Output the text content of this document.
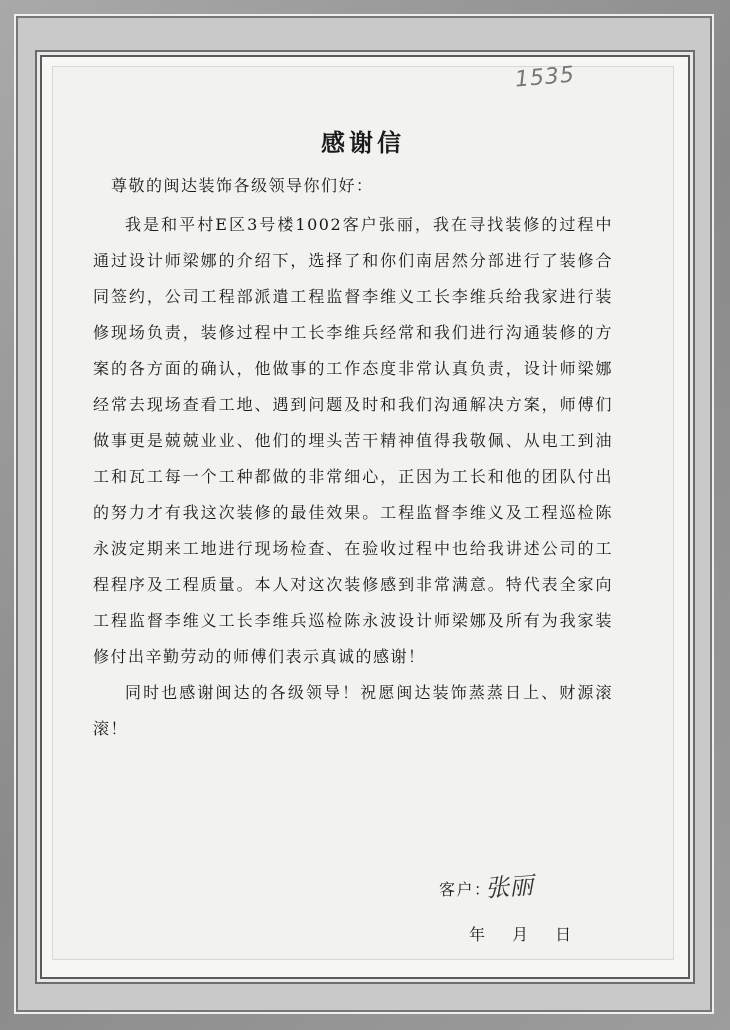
1535
感谢信
尊敬的闽达装饰各级领导你们好：

我是和平村E区3号楼1002客户张丽，我在寻找装修的过程中通过设计师梁娜的介绍下，选择了和你们南居然分部进行了装修合同签约，公司工程部派遣工程监督李维义工长李维兵给我家进行装修现场负责，装修过程中工长李维兵经常和我们进行沟通装修的方案的各方面的确认，他做事的工作态度非常认真负责，设计师梁娜经常去现场查看工地、遇到问题及时和我们沟通解决方案，师傅们做事更是兢兢业业、他们的埋头苦干精神值得我敬佩、从电工到油工和瓦工每一个工种都做的非常细心，正因为工长和他的团队付出的努力才有我这次装修的最佳效果。工程监督李维义及工程巡检陈永波定期来工地进行现场检查、在验收过程中也给我讲述公司的工程程序及工程质量。本人对这次装修感到非常满意。特代表全家向工程监督李维义工长李维兵巡检陈永波设计师梁娜及所有为我家装修付出辛勤劳动的师傅们表示真诚的感谢！

同时也感谢闽达的各级领导！祝愿闽达装饰蒸蒸日上、财源滚滚！

客户：
张丽
年 月 日
